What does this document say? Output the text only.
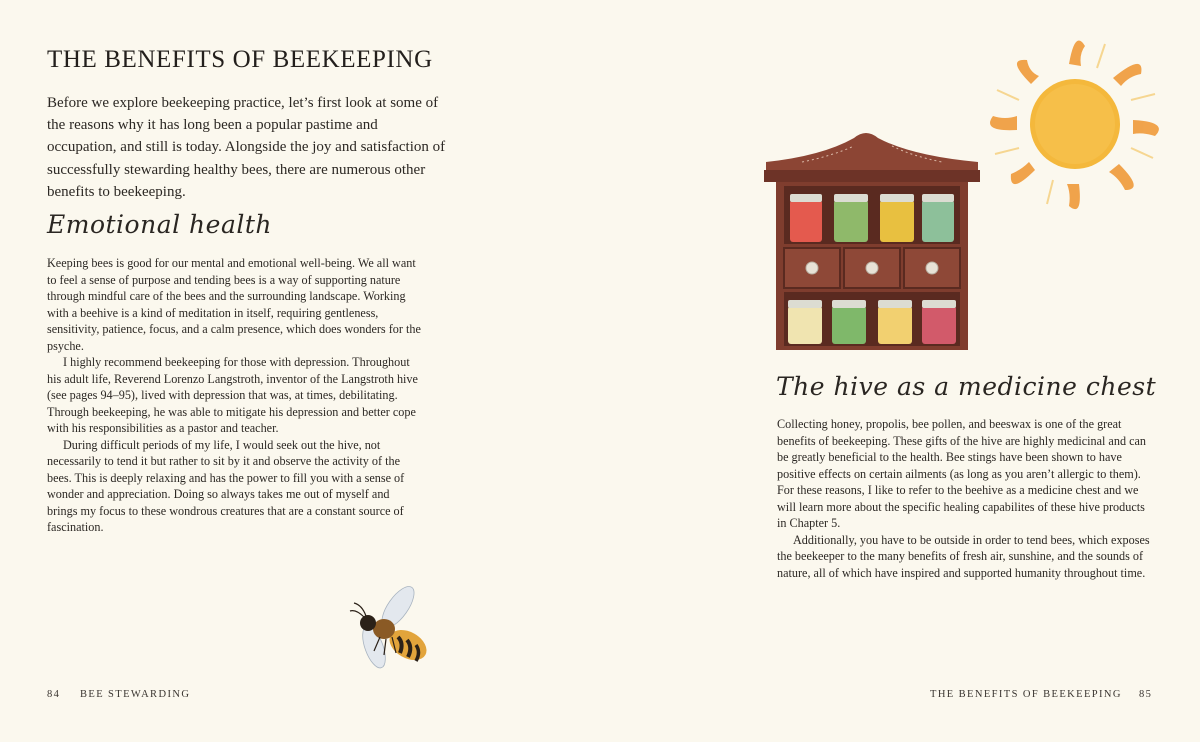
THE BENEFITS OF BEEKEEPING

Before we explore beekeeping practice, let’s first look at some of the reasons why it has long been a popular pastime and occupation, and still is today. Alongside the joy and satisfaction of successfully stewarding healthy bees, there are numerous other benefits to beekeeping.

Emotional health

Keeping bees is good for our mental and emotional well-being. We all want to feel a sense of purpose and tending bees is a way of supporting nature through mindful care of the bees and the surrounding landscape. Working with a beehive is a kind of meditation in itself, requiring gentleness, sensitivity, patience, focus, and a calm presence, which does wonders for the psyche.

I highly recommend beekeeping for those with depression. Throughout his adult life, Reverend Lorenzo Langstroth, inventor of the Langstroth hive (see pages 94–95), lived with depression that was, at times, debilitating. Through beekeeping, he was able to mitigate his depression and better cope with his responsibilities as a pastor and teacher.

During difficult periods of my life, I would seek out the hive, not necessarily to tend it but rather to sit by it and observe the activity of the bees. This is deeply relaxing and has the power to fill you with a sense of wonder and appreciation. Doing so always takes me out of myself and brings my focus to these wondrous creatures that are a constant source of fascination.

84 BEE STEWARDING
The hive as a medicine chest

Collecting honey, propolis, bee pollen, and beeswax is one of the great benefits of beekeeping. These gifts of the hive are highly medicinal and can be greatly beneficial to the health. Bee stings have been shown to have positive effects on certain ailments (as long as you aren’t allergic to them). For these reasons, I like to refer to the beehive as a medicine chest and we will learn more about the specific healing capabilites of these hive products in Chapter 5.

Additionally, you have to be outside in order to tend bees, which exposes the beekeeper to the many benefits of fresh air, sunshine, and the sounds of nature, all of which have inspired and supported humanity throughout time.

THE BENEFITS OF BEEKEEPING 85
